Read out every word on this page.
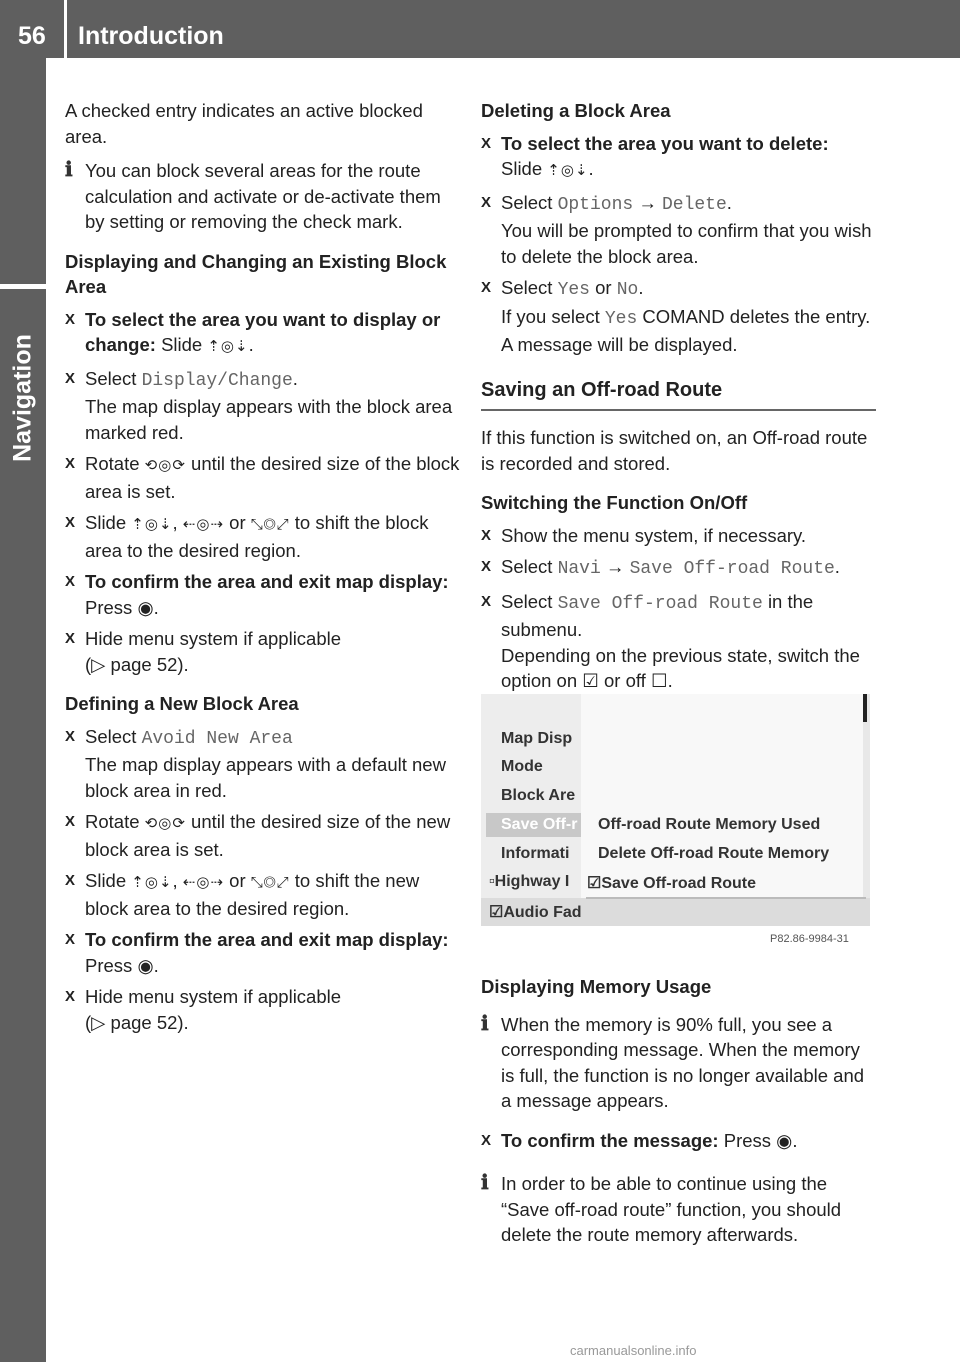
56 Introduction
Navigation

A checked entry indicates an active blocked area.

ℹ You can block several areas for the route calculation and activate or de-activate them by setting or removing the check mark.

Displaying and Changing an Existing Block Area

X To select the area you want to display or change: Slide ⇡◎⇣.

X Select Display/Change.
The map display appears with the block area marked red.

X Rotate ⟲◎⟳ until the desired size of the block area is set.

X Slide ⇡◎⇣, ⇠◎⇢ or ⤡◎⤢ to shift the block area to the desired region.

X To confirm the area and exit map display: Press ◉.

X Hide menu system if applicable
(▷ page 52).

Defining a New Block Area

X Select Avoid New Area
The map display appears with a default new block area in red.

X Rotate ⟲◎⟳ until the desired size of the new block area is set.

X Slide ⇡◎⇣, ⇠◎⇢ or ⤡◎⤢ to shift the new block area to the desired region.

X To confirm the area and exit map display: Press ◉.

X Hide menu system if applicable
(▷ page 52).

Deleting a Block Area

X To select the area you want to delete:
Slide ⇡◎⇣.

X Select Options → Delete.
You will be prompted to confirm that you wish to delete the block area.

X Select Yes or No.
If you select Yes COMAND deletes the entry. A message will be displayed.

Saving an Off-road Route

If this function is switched on, an Off-road route is recorded and stored.

Switching the Function On/Off

X Show the menu system, if necessary.

X Select Navi → Save Off-road Route.

X Select Save Off-road Route in the submenu.
Depending on the previous state, switch the option on ☑ or off ☐.

Map Disp
Mode
Block Are
Save Off-r
Informati
▫Highway I
☑Audio Fad
Off-road Route Memory Used
Delete Off-road Route Memory
☑Save Off-road Route
P82.86-9984-31

Displaying Memory Usage

ℹ When the memory is 90% full, you see a corresponding message. When the memory is full, the function is no longer available and a message appears.

X To confirm the message: Press ◉.

ℹ In order to be able to continue using the “Save off-road route” function, you should delete the route memory afterwards.

carmanualsonline.info
